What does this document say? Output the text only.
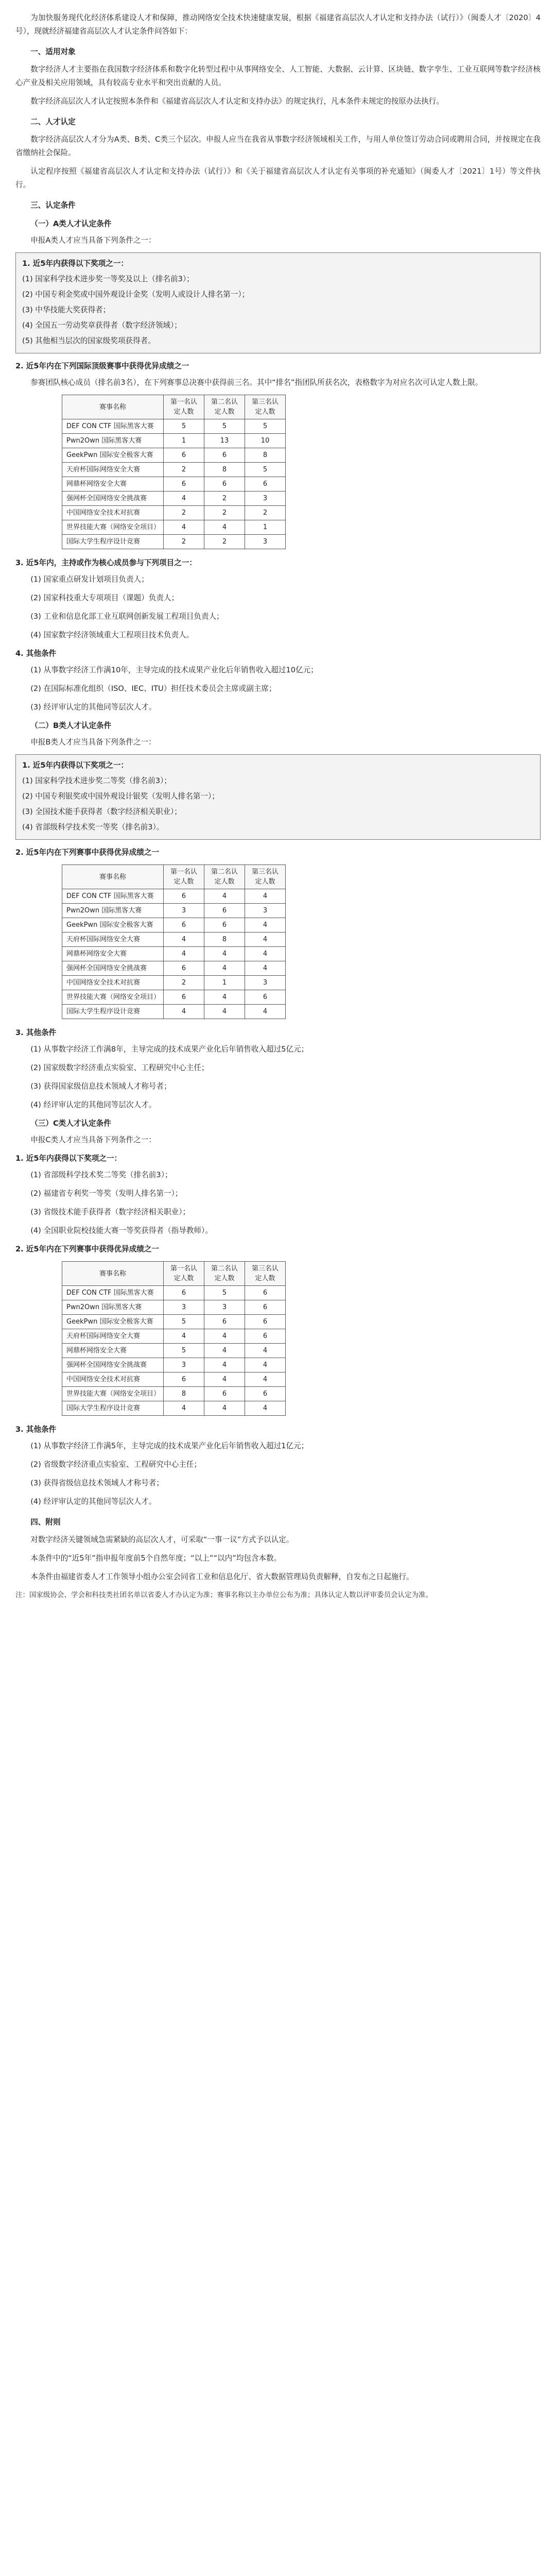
为加快服务现代化经济体系建设人才和保障，推动网络安全技术快速健康发展，根据《福建省高层次人才认定和支持办法（试行）》（闽委人才〔2020〕4号），现就经济福建省高层次人才认定条件问答如下：

一、适用对象

数字经济人才主要指在我国数字经济体系和数字化转型过程中从事网络安全、人工智能、大数据、云计算、区块链、数字孪生、工业互联网等数字经济核心产业及相关应用领域，具有较高专业水平和突出贡献的人员。

数字经济高层次人才认定按照本条件和《福建省高层次人才认定和支持办法》的规定执行，凡本条件未规定的按原办法执行。

二、人才认定

数字经济高层次人才分为A类、B类、C类三个层次。申报人应当在我省从事数字经济领域相关工作，与用人单位签订劳动合同或聘用合同，并按规定在我省缴纳社会保险。

认定程序按照《福建省高层次人才认定和支持办法（试行）》和《关于福建省高层次人才认定有关事项的补充通知》（闽委人才〔2021〕1号）等文件执行。

三、认定条件

（一）A类人才认定条件

申报A类人才应当具备下列条件之一：

1. 近5年内获得以下奖项之一：
(1) 国家科学技术进步奖一等奖及以上（排名前3）；
(2) 中国专利金奖或中国外观设计金奖（发明人或设计人排名第一）；
(3) 中华技能大奖获得者；
(4) 全国五一劳动奖章获得者（数字经济领域）；
(5) 其他相当层次的国家级奖项获得者。

2. 近5年内在下列国际顶级赛事中获得优异成绩之一

参赛团队核心成员（排名前3名），在下列赛事总决赛中获得前三名。其中“排名”指团队所获名次，表格数字为对应名次可认定人数上限。

赛事名称	第一名认定人数	第二名认定人数	第三名认定人数
DEF CON CTF 国际黑客大赛	5	5	5
Pwn2Own 国际黑客大赛	1	13	10
GeekPwn 国际安全极客大赛	6	6	8
天府杯国际网络安全大赛	2	8	5
网鼎杯网络安全大赛	6	6	6
强网杯全国网络安全挑战赛	4	2	3
中国网络安全技术对抗赛	2	2	2
世界技能大赛（网络安全项目）	4	4	1
国际大学生程序设计竞赛	2	2	3

3. 近5年内，主持或作为核心成员参与下列项目之一：

(1) 国家重点研发计划项目负责人；

(2) 国家科技重大专项项目（课题）负责人；

(3) 工业和信息化部工业互联网创新发展工程项目负责人；

(4) 国家数字经济领域重大工程项目技术负责人。

4. 其他条件

(1) 从事数字经济工作满10年，主导完成的技术成果产业化后年销售收入超过10亿元；

(2) 在国际标准化组织（ISO、IEC、ITU）担任技术委员会主席或副主席；

(3) 经评审认定的其他同等层次人才。

（二）B类人才认定条件

申报B类人才应当具备下列条件之一：

1. 近5年内获得以下奖项之一：
(1) 国家科学技术进步奖二等奖（排名前3）；
(2) 中国专利银奖或中国外观设计银奖（发明人排名第一）；
(3) 全国技术能手获得者（数字经济相关职业）；
(4) 省部级科学技术奖一等奖（排名前3）。

2. 近5年内在下列赛事中获得优异成绩之一

赛事名称	第一名认定人数	第二名认定人数	第三名认定人数
DEF CON CTF 国际黑客大赛	6	4	4
Pwn2Own 国际黑客大赛	3	6	3
GeekPwn 国际安全极客大赛	6	6	4
天府杯国际网络安全大赛	4	8	4
网鼎杯网络安全大赛	4	4	4
强网杯全国网络安全挑战赛	6	4	4
中国网络安全技术对抗赛	2	1	3
世界技能大赛（网络安全项目）	6	4	6
国际大学生程序设计竞赛	4	4	4

3. 其他条件

(1) 从事数字经济工作满8年，主导完成的技术成果产业化后年销售收入超过5亿元；

(2) 国家级数字经济重点实验室、工程研究中心主任；

(3) 获得国家级信息技术领域人才称号者；

(4) 经评审认定的其他同等层次人才。

（三）C类人才认定条件

申报C类人才应当具备下列条件之一：

1. 近5年内获得以下奖项之一：

(1) 省部级科学技术奖二等奖（排名前3）；

(2) 福建省专利奖一等奖（发明人排名第一）；

(3) 省级技术能手获得者（数字经济相关职业）；

(4) 全国职业院校技能大赛一等奖获得者（指导教师）。

2. 近5年内在下列赛事中获得优异成绩之一

赛事名称	第一名认定人数	第二名认定人数	第三名认定人数
DEF CON CTF 国际黑客大赛	6	5	6
Pwn2Own 国际黑客大赛	3	3	6
GeekPwn 国际安全极客大赛	5	6	6
天府杯国际网络安全大赛	4	4	6
网鼎杯网络安全大赛	5	4	4
强网杯全国网络安全挑战赛	3	4	4
中国网络安全技术对抗赛	6	4	4
世界技能大赛（网络安全项目）	8	6	6
国际大学生程序设计竞赛	4	4	4

3. 其他条件

(1) 从事数字经济工作满5年，主导完成的技术成果产业化后年销售收入超过1亿元；

(2) 省级数字经济重点实验室、工程研究中心主任；

(3) 获得省级信息技术领域人才称号者；

(4) 经评审认定的其他同等层次人才。

四、附则

对数字经济关键领域急需紧缺的高层次人才，可采取“一事一议”方式予以认定。

本条件中的“近5年”指申报年度前5个自然年度；“以上”“以内”均包含本数。

本条件由福建省委人才工作领导小组办公室会同省工业和信息化厅、省大数据管理局负责解释，自发布之日起施行。

注：国家级协会、学会和科技类社团名单以省委人才办认定为准；赛事名称以主办单位公布为准；具体认定人数以评审委员会认定为准。
